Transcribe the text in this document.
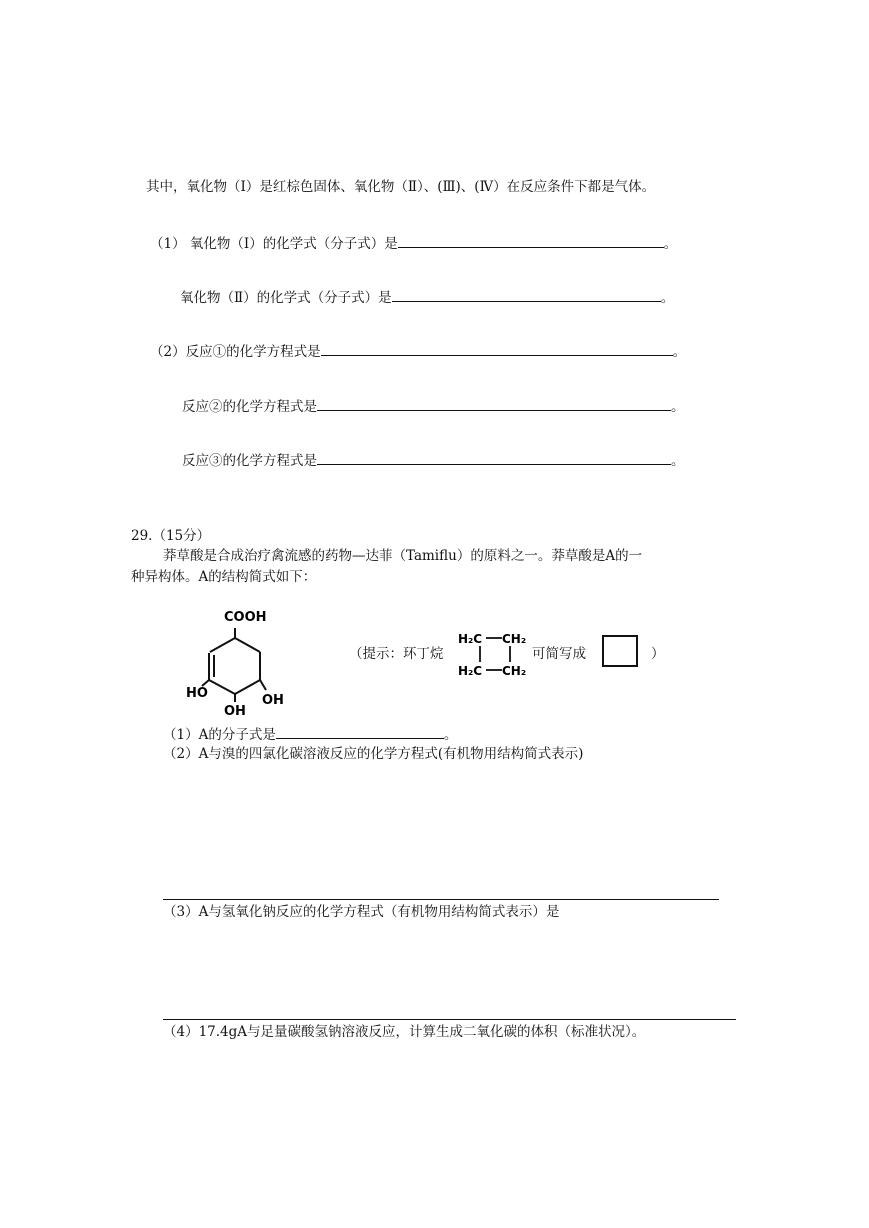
其中，氧化物（Ⅰ）是红棕色固体、氧化物（Ⅱ）、(Ⅲ)、(Ⅳ）在反应条件下都是气体。
（1） 氧化物（Ⅰ）的化学式（分子式）是	。
氧化物（Ⅱ）的化学式（分子式）是	。
（2）反应①的化学方程式是	。
反应②的化学方程式是	。
反应③的化学方程式是	。
29.（15分）
莽草酸是合成治疗禽流感的药物—达菲（Tamiflu）的原料之一。莽草酸是A的一
种异构体。A的结构简式如下：
COOH
HO	OH
OH
（提示：环丁烷
H₂C CH₂
H₂C CH₂
可简写成	）
（1）A的分子式是	。
（2）A与溴的四氯化碳溶液反应的化学方程式(有机物用结构简式表示)
（3）A与氢氧化钠反应的化学方程式（有机物用结构简式表示）是
（4）17.4gA与足量碳酸氢钠溶液反应，计算生成二氧化碳的体积（标准状况）。
